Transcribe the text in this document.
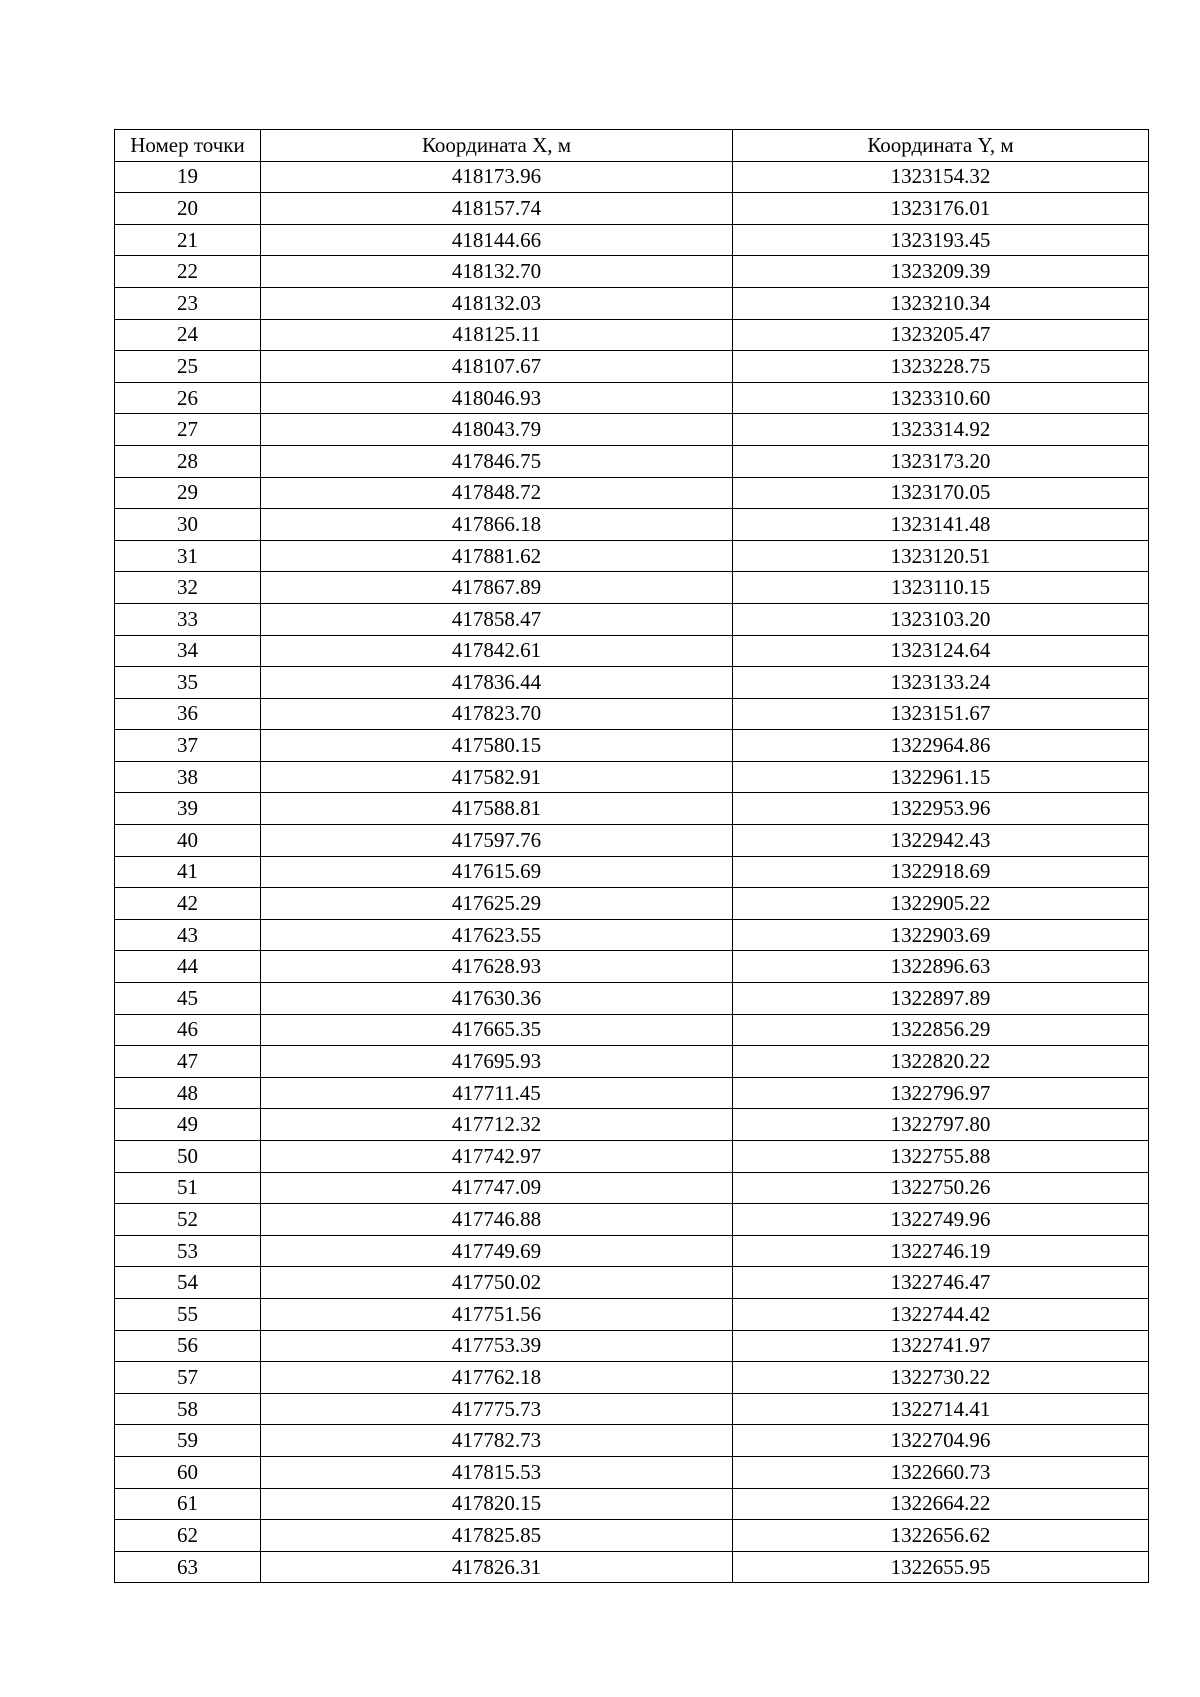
Номер точки	Координата X, м	Координата Y, м
19	418173.96	1323154.32
20	418157.74	1323176.01
21	418144.66	1323193.45
22	418132.70	1323209.39
23	418132.03	1323210.34
24	418125.11	1323205.47
25	418107.67	1323228.75
26	418046.93	1323310.60
27	418043.79	1323314.92
28	417846.75	1323173.20
29	417848.72	1323170.05
30	417866.18	1323141.48
31	417881.62	1323120.51
32	417867.89	1323110.15
33	417858.47	1323103.20
34	417842.61	1323124.64
35	417836.44	1323133.24
36	417823.70	1323151.67
37	417580.15	1322964.86
38	417582.91	1322961.15
39	417588.81	1322953.96
40	417597.76	1322942.43
41	417615.69	1322918.69
42	417625.29	1322905.22
43	417623.55	1322903.69
44	417628.93	1322896.63
45	417630.36	1322897.89
46	417665.35	1322856.29
47	417695.93	1322820.22
48	417711.45	1322796.97
49	417712.32	1322797.80
50	417742.97	1322755.88
51	417747.09	1322750.26
52	417746.88	1322749.96
53	417749.69	1322746.19
54	417750.02	1322746.47
55	417751.56	1322744.42
56	417753.39	1322741.97
57	417762.18	1322730.22
58	417775.73	1322714.41
59	417782.73	1322704.96
60	417815.53	1322660.73
61	417820.15	1322664.22
62	417825.85	1322656.62
63	417826.31	1322655.95
